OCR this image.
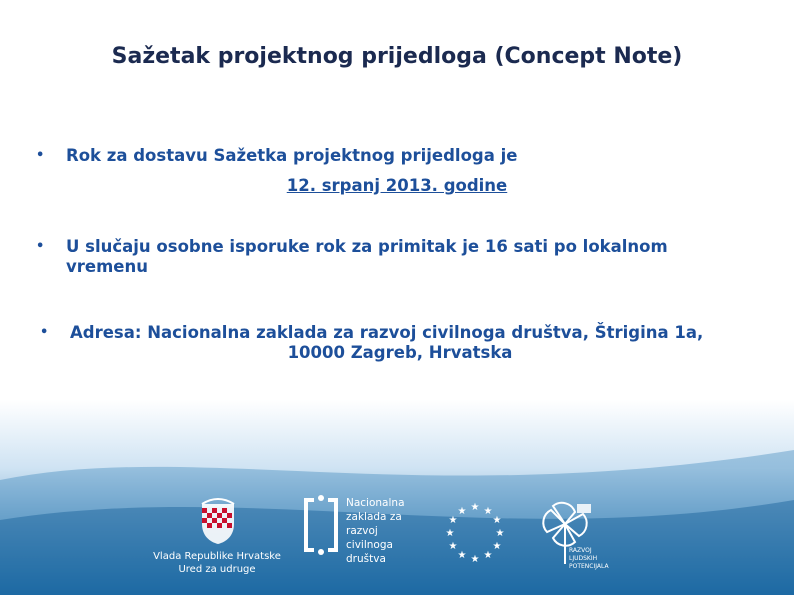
Sažetak projektnog prijedloga (Concept Note)
• Rok za dostavu Sažetka projektnog prijedloga je
12. srpanj 2013. godine
• U slučaju osobne isporuke rok za primitak je 16 sati po lokalnom vremenu
• Adresa: Nacionalna zaklada za razvoj civilnoga društva, Štrigina 1a,
10000 Zagreb, Hrvatska
Vlada Republike Hrvatske
Ured za udruge
Nacionalna
zaklada za
razvoj
civilnoga
društva
★ ★
★
★
★
★
★
★
★
★
★
★
RAZVOJ
LJUDSKIH
POTENCIJALA
